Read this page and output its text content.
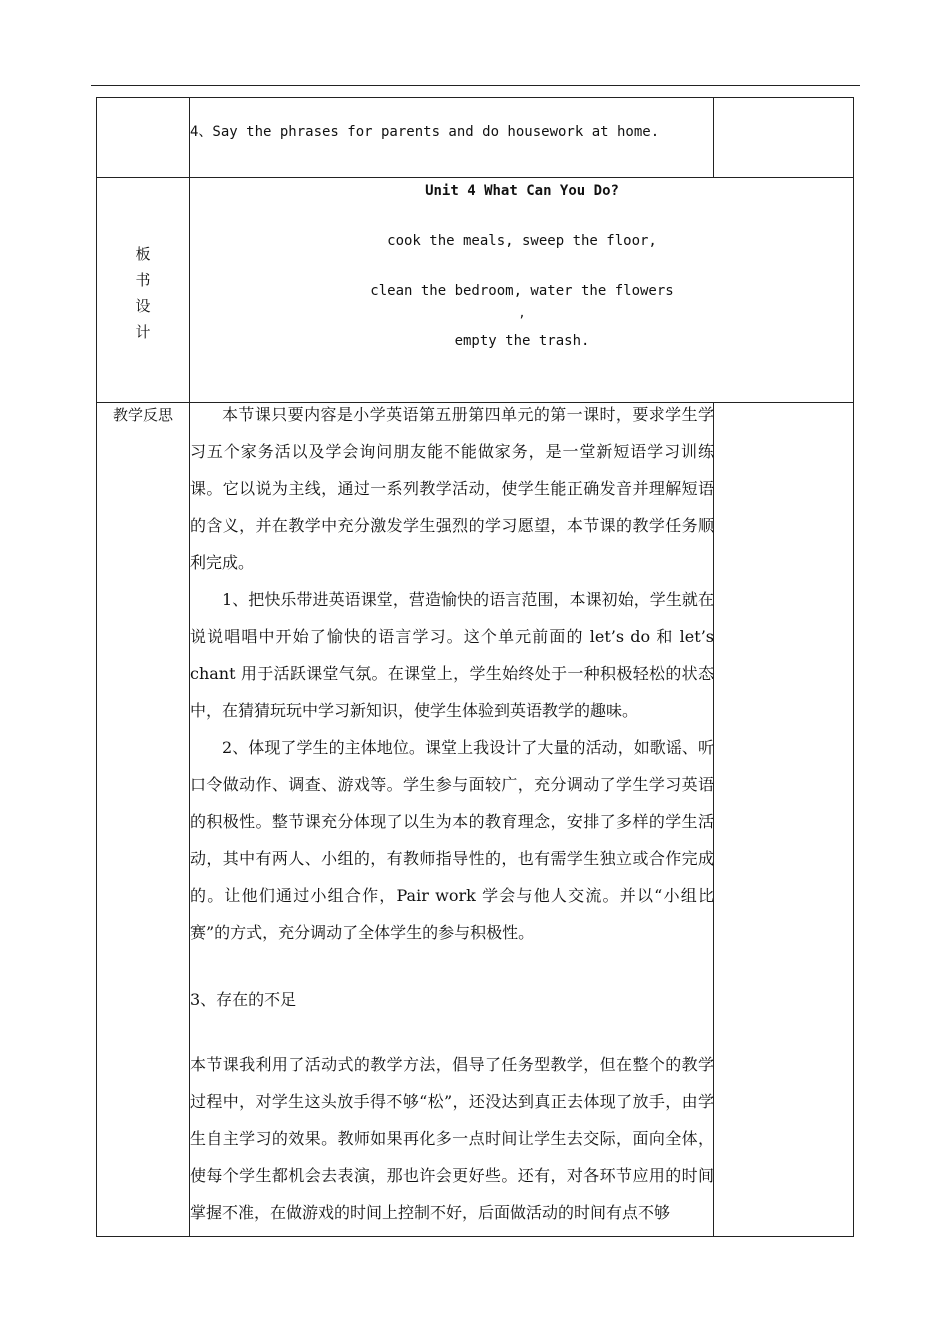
4、Say the phrases for parents and do housework at home.
板
书
设
计
Unit 4 What Can You Do?
cook the meals, sweep the floor,
clean the bedroom, water the flowers
,
empty the trash.
教学反思	本节课只要内容是小学英语第五册第四单元的第一课时，要求学生学习五个家务活以及学会询问朋友能不能做家务，是一堂新短语学习训练课。它以说为主线，通过一系列教学活动，使学生能正确发音并理解短语的含义，并在教学中充分激发学生强烈的学习愿望，本节课的教学任务顺利完成。
1、把快乐带进英语课堂，营造愉快的语言范围，本课初始，学生就在说说唱唱中开始了愉快的语言学习。这个单元前面的 let’s do 和 let’s chant 用于活跃课堂气氛。在课堂上，学生始终处于一种积极轻松的状态中，在猜猜玩玩中学习新知识，使学生体验到英语教学的趣味。
2、体现了学生的主体地位。课堂上我设计了大量的活动，如歌谣、听口令做动作、调查、游戏等。学生参与面较广，充分调动了学生学习英语的积极性。整节课充分体现了以生为本的教育理念，安排了多样的学生活动，其中有两人、小组的，有教师指导性的，也有需学生独立或合作完成的。让他们通过小组合作，Pair work 学会与他人交流。并以“小组比赛”的方式，充分调动了全体学生的参与积极性。
3、存在的不足
本节课我利用了活动式的教学方法，倡导了任务型教学，但在整个的教学过程中，对学生这头放手得不够“松”，还没达到真正去体现了放手，由学生自主学习的效果。教师如果再化多一点时间让学生去交际，面向全体，使每个学生都机会去表演，那也许会更好些。还有，对各环节应用的时间掌握不准，在做游戏的时间上控制不好，后面做活动的时间有点不够
